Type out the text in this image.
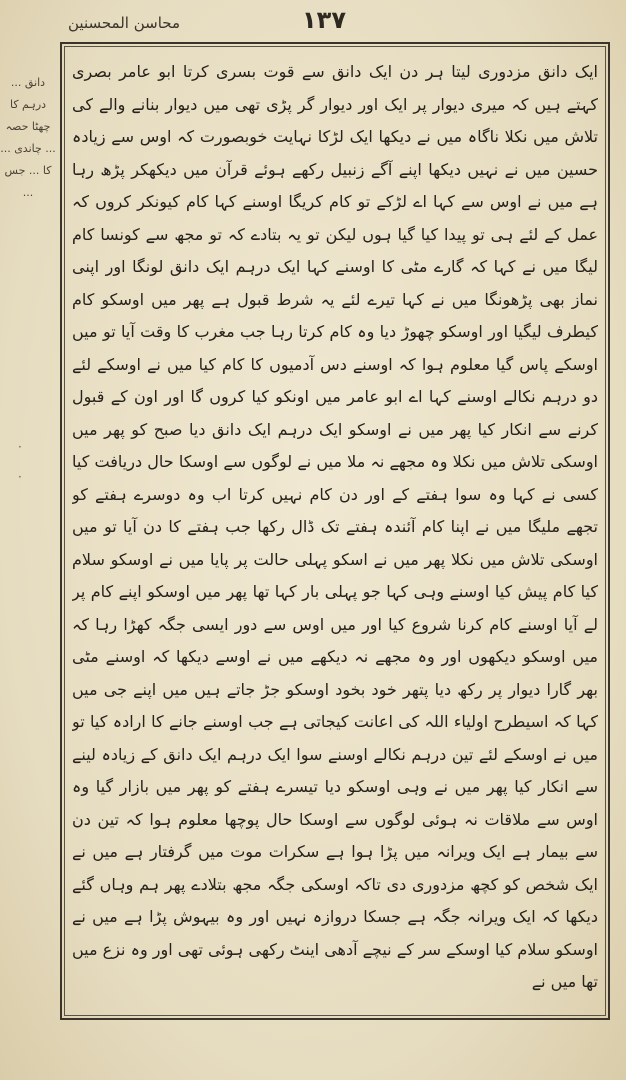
محاسن المحسنین	۱۳۷
دانق ... درہم کا چھٹا حصہ ... چاندی ... کا ... جس ...
·
·

ایک دانق مزدوری لیتا ہر دن ایک دانق سے قوت بسری کرتا ابو عامر بصری کہتے ہیں کہ میری دیوار پر ایک اور دیوار گر پڑی تھی میں دیوار بنانے والے کی تلاش میں نکلا ناگاہ میں نے دیکھا ایک لڑکا نہایت خوبصورت کہ اوس سے زیادہ حسین میں نے نہیں دیکھا اپنے آگے زنبیل رکھے ہوئے قرآن میں دیکھکر پڑھ رہا ہے میں نے اوس سے کہا اے لڑکے تو کام کریگا اوسنے کہا کام کیونکر کروں کہ عمل کے لئے ہی تو پیدا کیا گیا ہوں لیکن تو یہ بتادے کہ تو مجھ سے کونسا کام لیگا میں نے کہا کہ گارے مٹی کا اوسنے کہا ایک درہم ایک دانق لونگا اور اپنی نماز بھی پڑھونگا میں نے کہا تیرے لئے یہ شرط قبول ہے پھر میں اوسکو کام کیطرف لیگیا اور اوسکو چھوڑ دیا وہ کام کرتا رہا جب مغرب کا وقت آیا تو میں اوسکے پاس گیا معلوم ہوا کہ اوسنے دس آدمیوں کا کام کیا میں نے اوسکے لئے دو درہم نکالے اوسنے کہا اے ابو عامر میں اونکو کیا کروں گا اور اون کے قبول کرنے سے انکار کیا پھر میں نے اوسکو ایک درہم ایک دانق دیا صبح کو پھر میں اوسکی تلاش میں نکلا وہ مجھے نہ ملا میں نے لوگوں سے اوسکا حال دریافت کیا کسی نے کہا وہ سوا ہفتے کے اور دن کام نہیں کرتا اب وہ دوسرے ہفتے کو تجھے ملیگا میں نے اپنا کام آئندہ ہفتے تک ڈال رکھا جب ہفتے کا دن آیا تو میں اوسکی تلاش میں نکلا پھر میں نے اسکو پہلی حالت پر پایا میں نے اوسکو سلام کیا کام پیش کیا اوسنے وہی کہا جو پہلی بار کہا تھا پھر میں اوسکو اپنے کام پر لے آیا اوسنے کام کرنا شروع کیا اور میں اوس سے دور ایسی جگہ کھڑا رہا کہ میں اوسکو دیکھوں اور وہ مجھے نہ دیکھے میں نے اوسے دیکھا کہ اوسنے مٹی بھر گارا دیوار پر رکھ دیا پتھر خود بخود اوسکو جڑ جاتے ہیں میں اپنے جی میں کہا کہ اسیطرح اولیاء اللہ کی اعانت کیجاتی ہے جب اوسنے جانے کا ارادہ کیا تو میں نے اوسکے لئے تین درہم نکالے اوسنے سوا ایک درہم ایک دانق کے زیادہ لینے سے انکار کیا پھر میں نے وہی اوسکو دیا تیسرے ہفتے کو پھر میں بازار گیا وہ اوس سے ملاقات نہ ہوئی لوگوں سے اوسکا حال پوچھا معلوم ہوا کہ تین دن سے بیمار ہے ایک ویرانہ میں پڑا ہوا ہے سکرات موت میں گرفتار ہے میں نے ایک شخص کو کچھ مزدوری دی تاکہ اوسکی جگہ مجھ بتلادے پھر ہم وہاں گئے دیکھا کہ ایک ویرانہ جگہ ہے جسکا دروازہ نہیں اور وہ بیہوش پڑا ہے میں نے اوسکو سلام کیا اوسکے سر کے نیچے آدھی اینٹ رکھی ہوئی تھی اور وہ نزع میں تھا میں نے
